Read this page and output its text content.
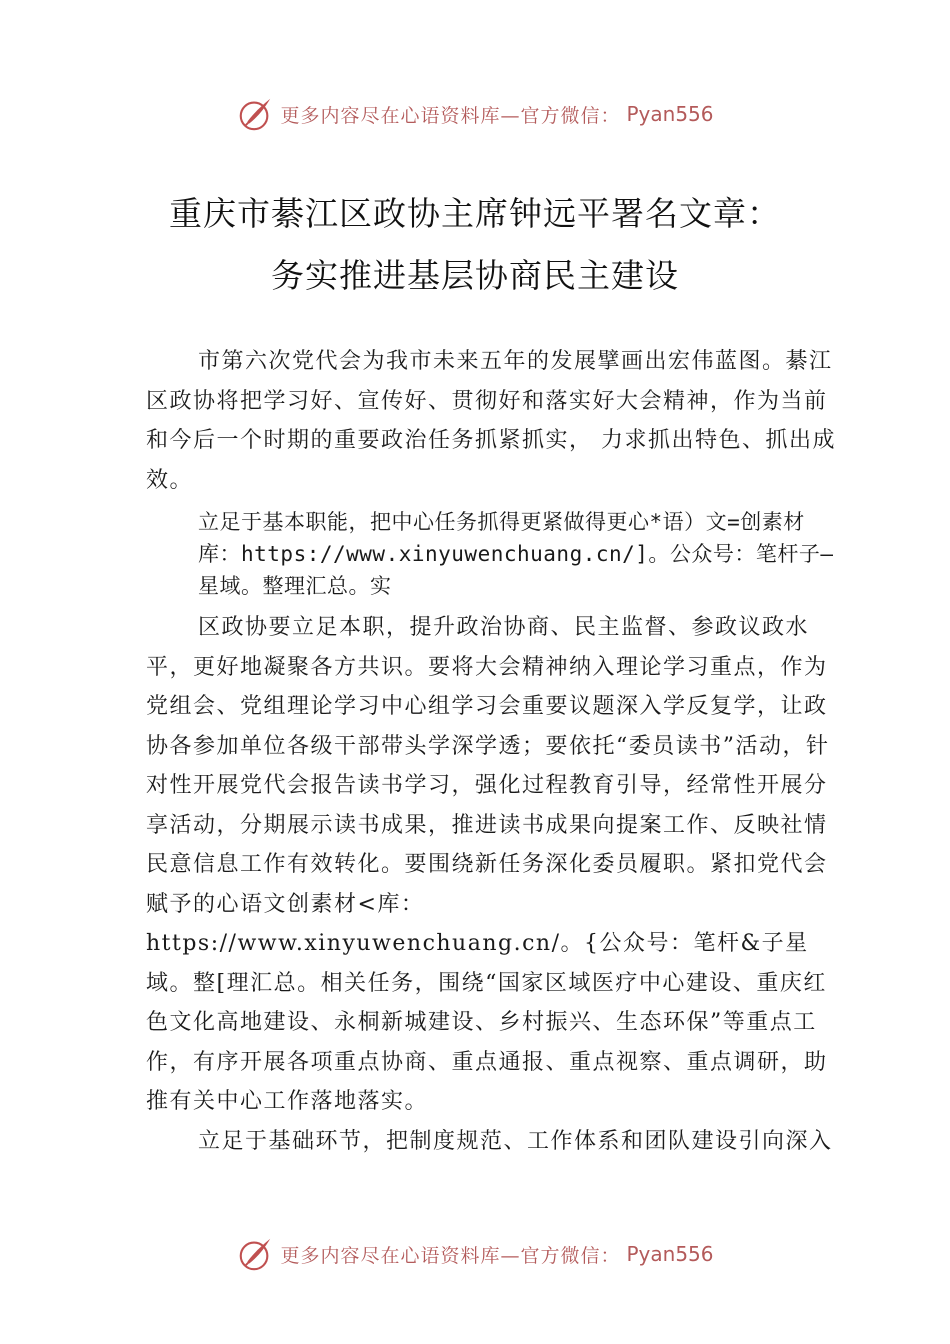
更多内容尽在心语资料库—官方微信： Pyan556
重庆市綦江区政协主席钟远平署名文章：
务实推进基层协商民主建设

市第六次党代会为我市未来五年的发展擘画出宏伟蓝图。綦江区政协将把学习好、宣传好、贯彻好和落实好大会精神，作为当前和今后一个时期的重要政治任务抓紧抓实， 力求抓出特色、抓出成效。

立足于基本职能，把中心任务抓得更紧做得更心*语）文=创素材库：https://www.xinyuwenchuang.cn/]。公众号：笔杆子—星域。整理汇总。实

区政协要立足本职，提升政治协商、民主监督、参政议政水平，更好地凝聚各方共识。要将大会精神纳入理论学习重点，作为党组会、党组理论学习中心组学习会重要议题深入学反复学，让政协各参加单位各级干部带头学深学透；要依托“委员读书”活动，针对性开展党代会报告读书学习，强化过程教育引导，经常性开展分享活动，分期展示读书成果，推进读书成果向提案工作、反映社情民意信息工作有效转化。要围绕新任务深化委员履职。紧扣党代会赋予的心语文创素材<库：https://www.xinyuwenchuang.cn/。{公众号：笔杆&子星域。整[理汇总。相关任务，围绕“国家区域医疗中心建设、重庆红色文化高地建设、永桐新城建设、乡村振兴、生态环保”等重点工作，有序开展各项重点协商、重点通报、重点视察、重点调研，助推有关中心工作落地落实。

立足于基础环节，把制度规范、工作体系和团队建设引向深入

更多内容尽在心语资料库—官方微信： Pyan556
